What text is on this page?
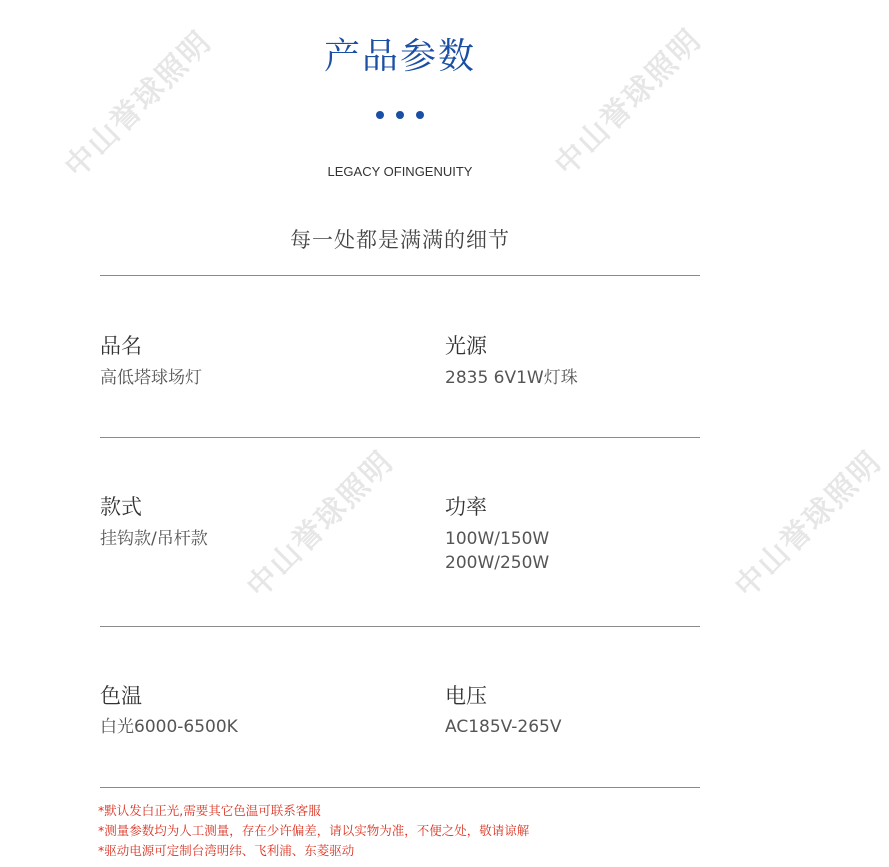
中山誉球照明	中山誉球照明
中山誉球照明	中山誉球照明
产品参数

LEGACY OFINGENUITY
每一处都是满满的细节
品名
高低塔球场灯
光源
2835 6V1W灯珠
款式
挂钩款/吊杆款
功率
100W/150W
200W/250W
色温
白光6000-6500K
电压
AC185V-265V
*默认发白正光,需要其它色温可联系客服
*测量参数均为人工测量，存在少许偏差，请以实物为准，不便之处，敬请谅解
*驱动电源可定制台湾明纬、飞利浦、东菱驱动
